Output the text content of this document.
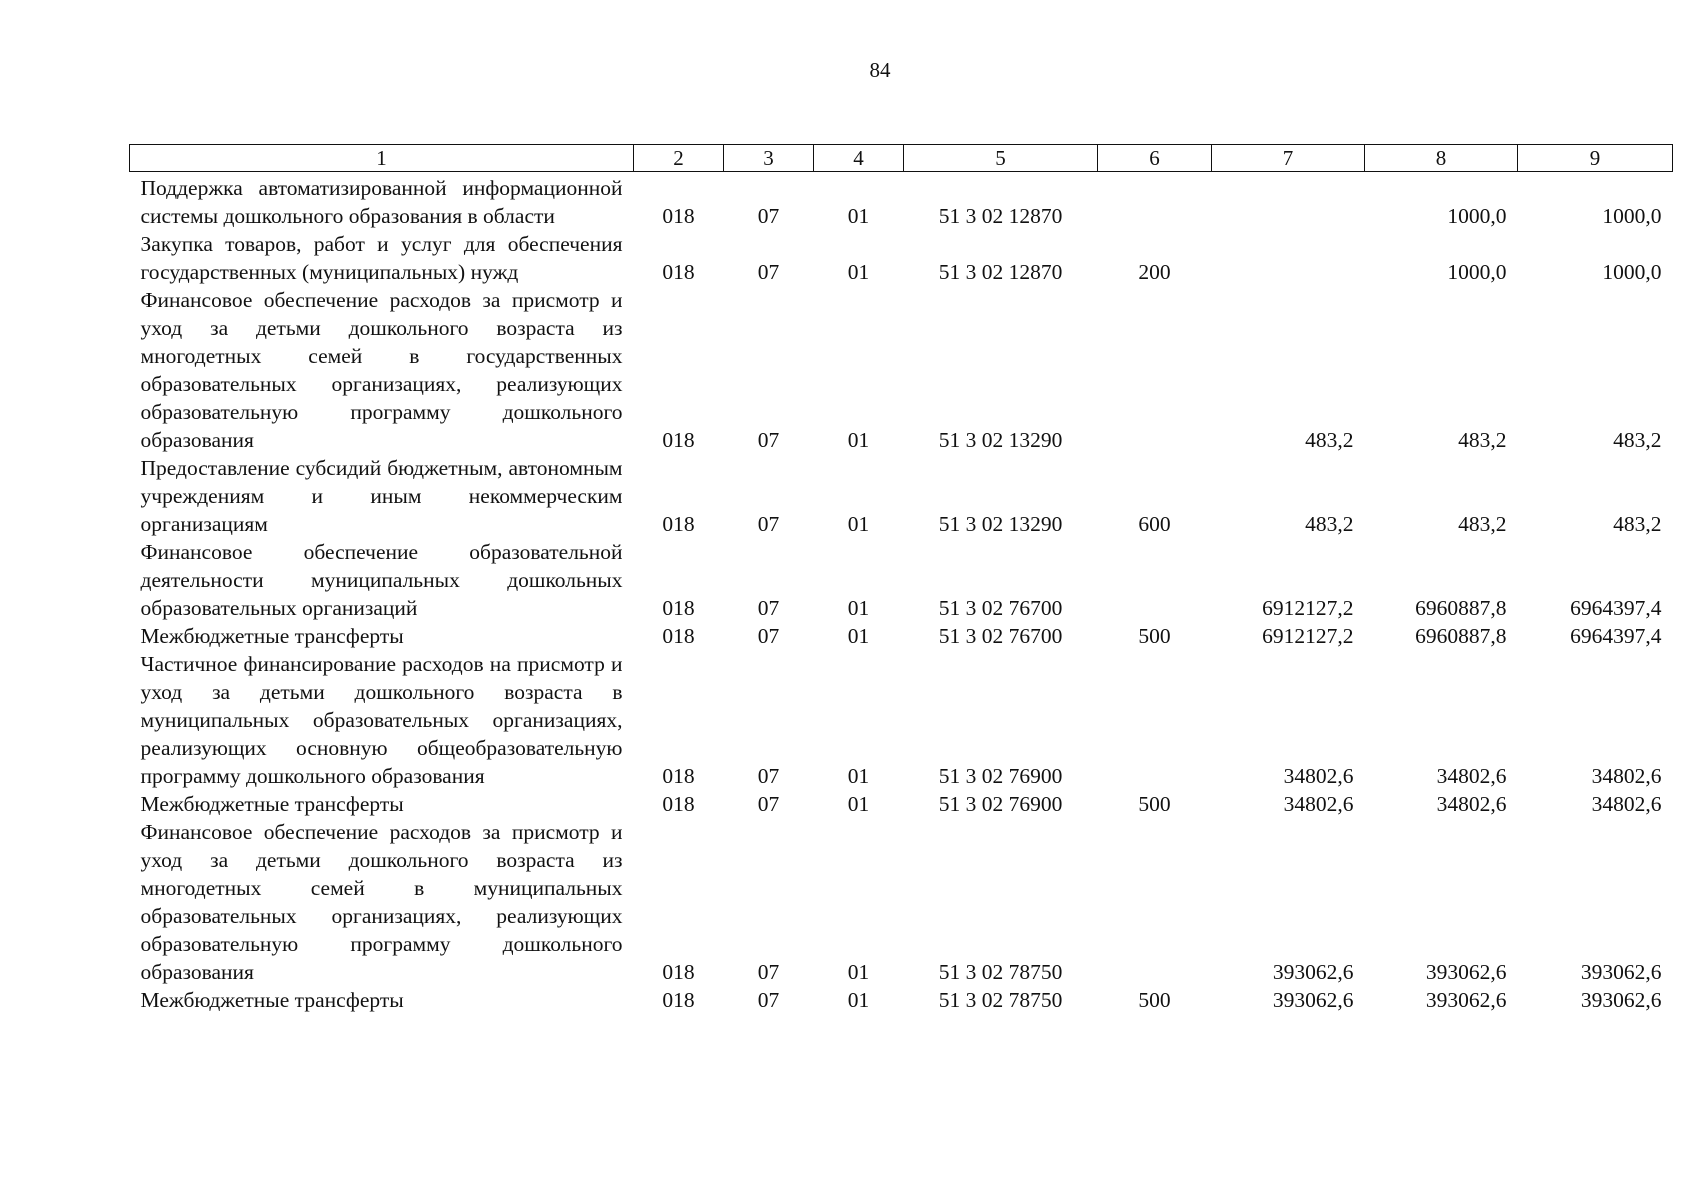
84
1	2	3	4	5	6	7	8	9
Поддержка автоматизированной информационной системы дошкольного образования в области	018	07	01	51 3 02 12870			1000,0	1000,0
Закупка товаров, работ и услуг для обеспечения государственных (муниципальных) нужд	018	07	01	51 3 02 12870	200		1000,0	1000,0
Финансовое обеспечение расходов за присмотр и уход за детьми дошкольного возраста из многодетных семей в государственных образовательных организациях, реализующих образовательную программу дошкольного образования	018	07	01	51 3 02 13290		483,2	483,2	483,2
Предоставление субсидий бюджетным, автономным учреждениям и иным некоммерческим организациям	018	07	01	51 3 02 13290	600	483,2	483,2	483,2
Финансовое обеспечение образовательной деятельности муниципальных дошкольных образовательных организаций	018	07	01	51 3 02 76700		6912127,2	6960887,8	6964397,4
Межбюджетные трансферты	018	07	01	51 3 02 76700	500	6912127,2	6960887,8	6964397,4
Частичное финансирование расходов на присмотр и уход за детьми дошкольного возраста в муниципальных образовательных организациях, реализующих основную общеобразовательную программу дошкольного образования	018	07	01	51 3 02 76900		34802,6	34802,6	34802,6
Межбюджетные трансферты	018	07	01	51 3 02 76900	500	34802,6	34802,6	34802,6
Финансовое обеспечение расходов за присмотр и уход за детьми дошкольного возраста из многодетных семей в муниципальных образовательных организациях, реализующих образовательную программу дошкольного образования	018	07	01	51 3 02 78750		393062,6	393062,6	393062,6
Межбюджетные трансферты	018	07	01	51 3 02 78750	500	393062,6	393062,6	393062,6
